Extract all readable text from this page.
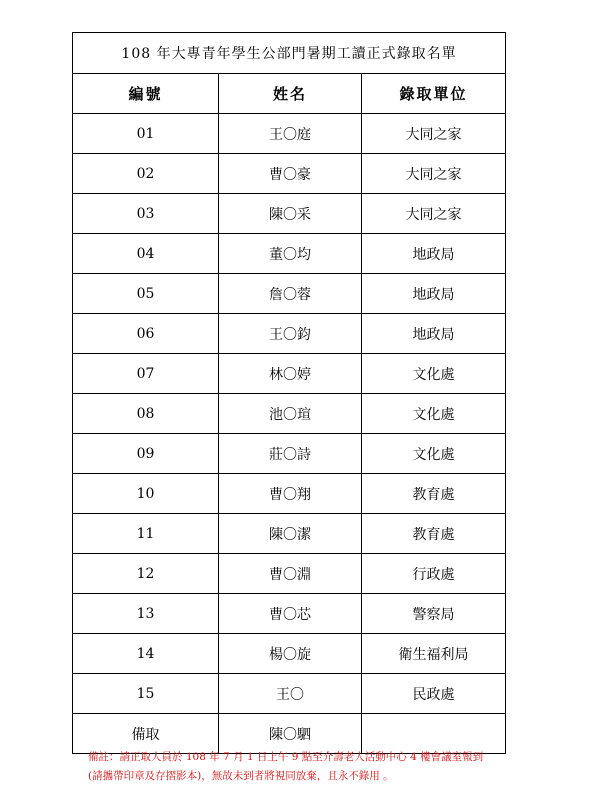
108 年大專青年學生公部門暑期工讀正式錄取名單		
編號	姓名	錄取單位
01	王〇庭	大同之家
02	曹〇豪	大同之家
03	陳〇采	大同之家
04	董〇均	地政局
05	詹〇蓉	地政局
06	王〇鈞	地政局
07	林〇婷	文化處
08	池〇瑄	文化處
09	莊〇詩	文化處
10	曹〇翔	教育處
11	陳〇潔	教育處
12	曹〇淵	行政處
13	曹〇芯	警察局
14	楊〇旋	衛生福利局
15	王〇	民政處
備取	陳〇駟	
備註：請正取人員於 108 年 7 月 1 日上午 9 點至介壽老人活動中心 4 樓會議室報到
(請攜帶印章及存摺影本)，無故未到者將視同放棄，且永不錄用 。
